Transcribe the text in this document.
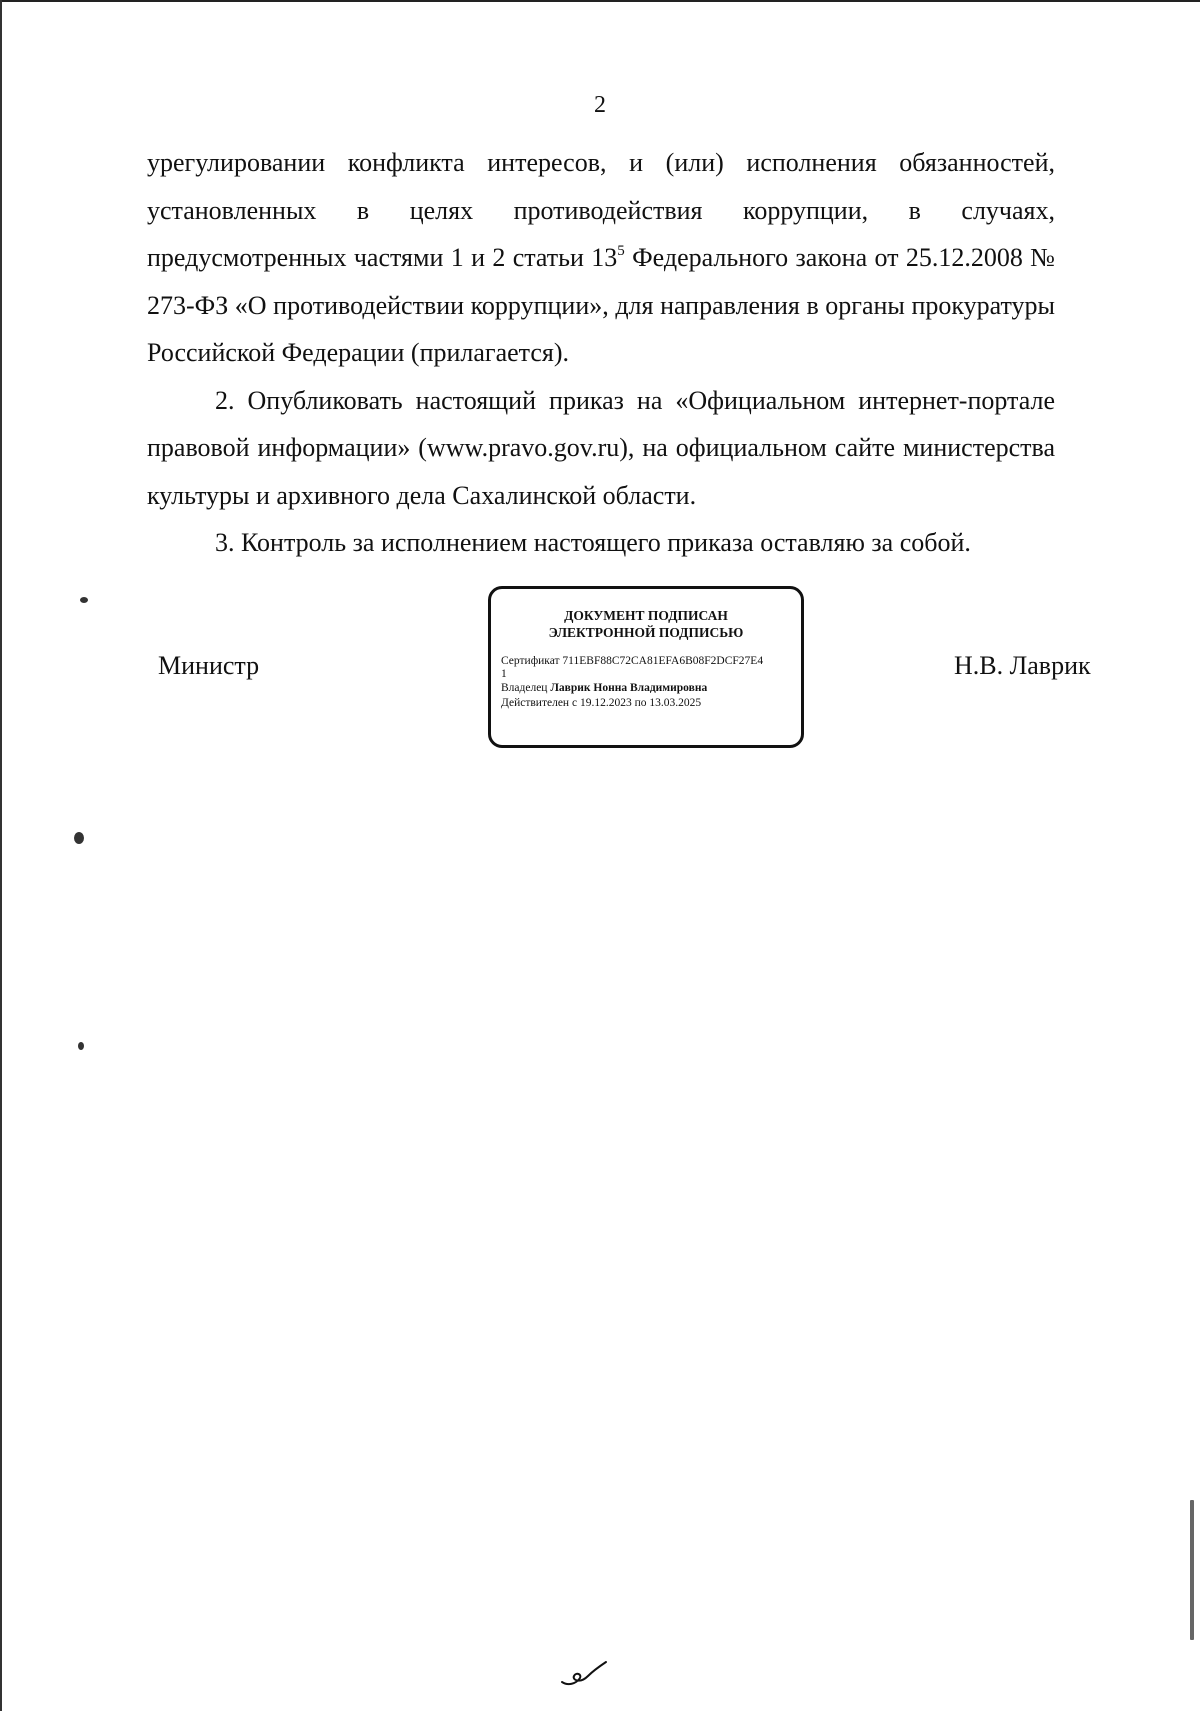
2

урегулировании конфликта интересов, и (или) исполнения обязанностей, установленных в целях противодействия коррупции, в случаях, предусмотренных частями 1 и 2 статьи $13^5$ Федерального закона от 25.12.2008 № 273-ФЗ «О противодействии коррупции», для направления в органы прокуратуры Российской Федерации (прилагается).

2. Опубликовать настоящий приказ на «Официальном интернет-портале правовой информации» (www.pravo.gov.ru), на официальном сайте министерства культуры и архивного дела Сахалинской области.

3. Контроль за исполнением настоящего приказа оставляю за собой.

Министр
ДОКУМЕНТ ПОДПИСАН
ЭЛЕКТРОННОЙ ПОДПИСЬЮ
Сертификат 711EBF88C72CA81EFA6B08F2DCF27E4
1
Владелец Лаврик Нонна Владимировна
Действителен с 19.12.2023 по 13.03.2025
Н.В. Лаврик
